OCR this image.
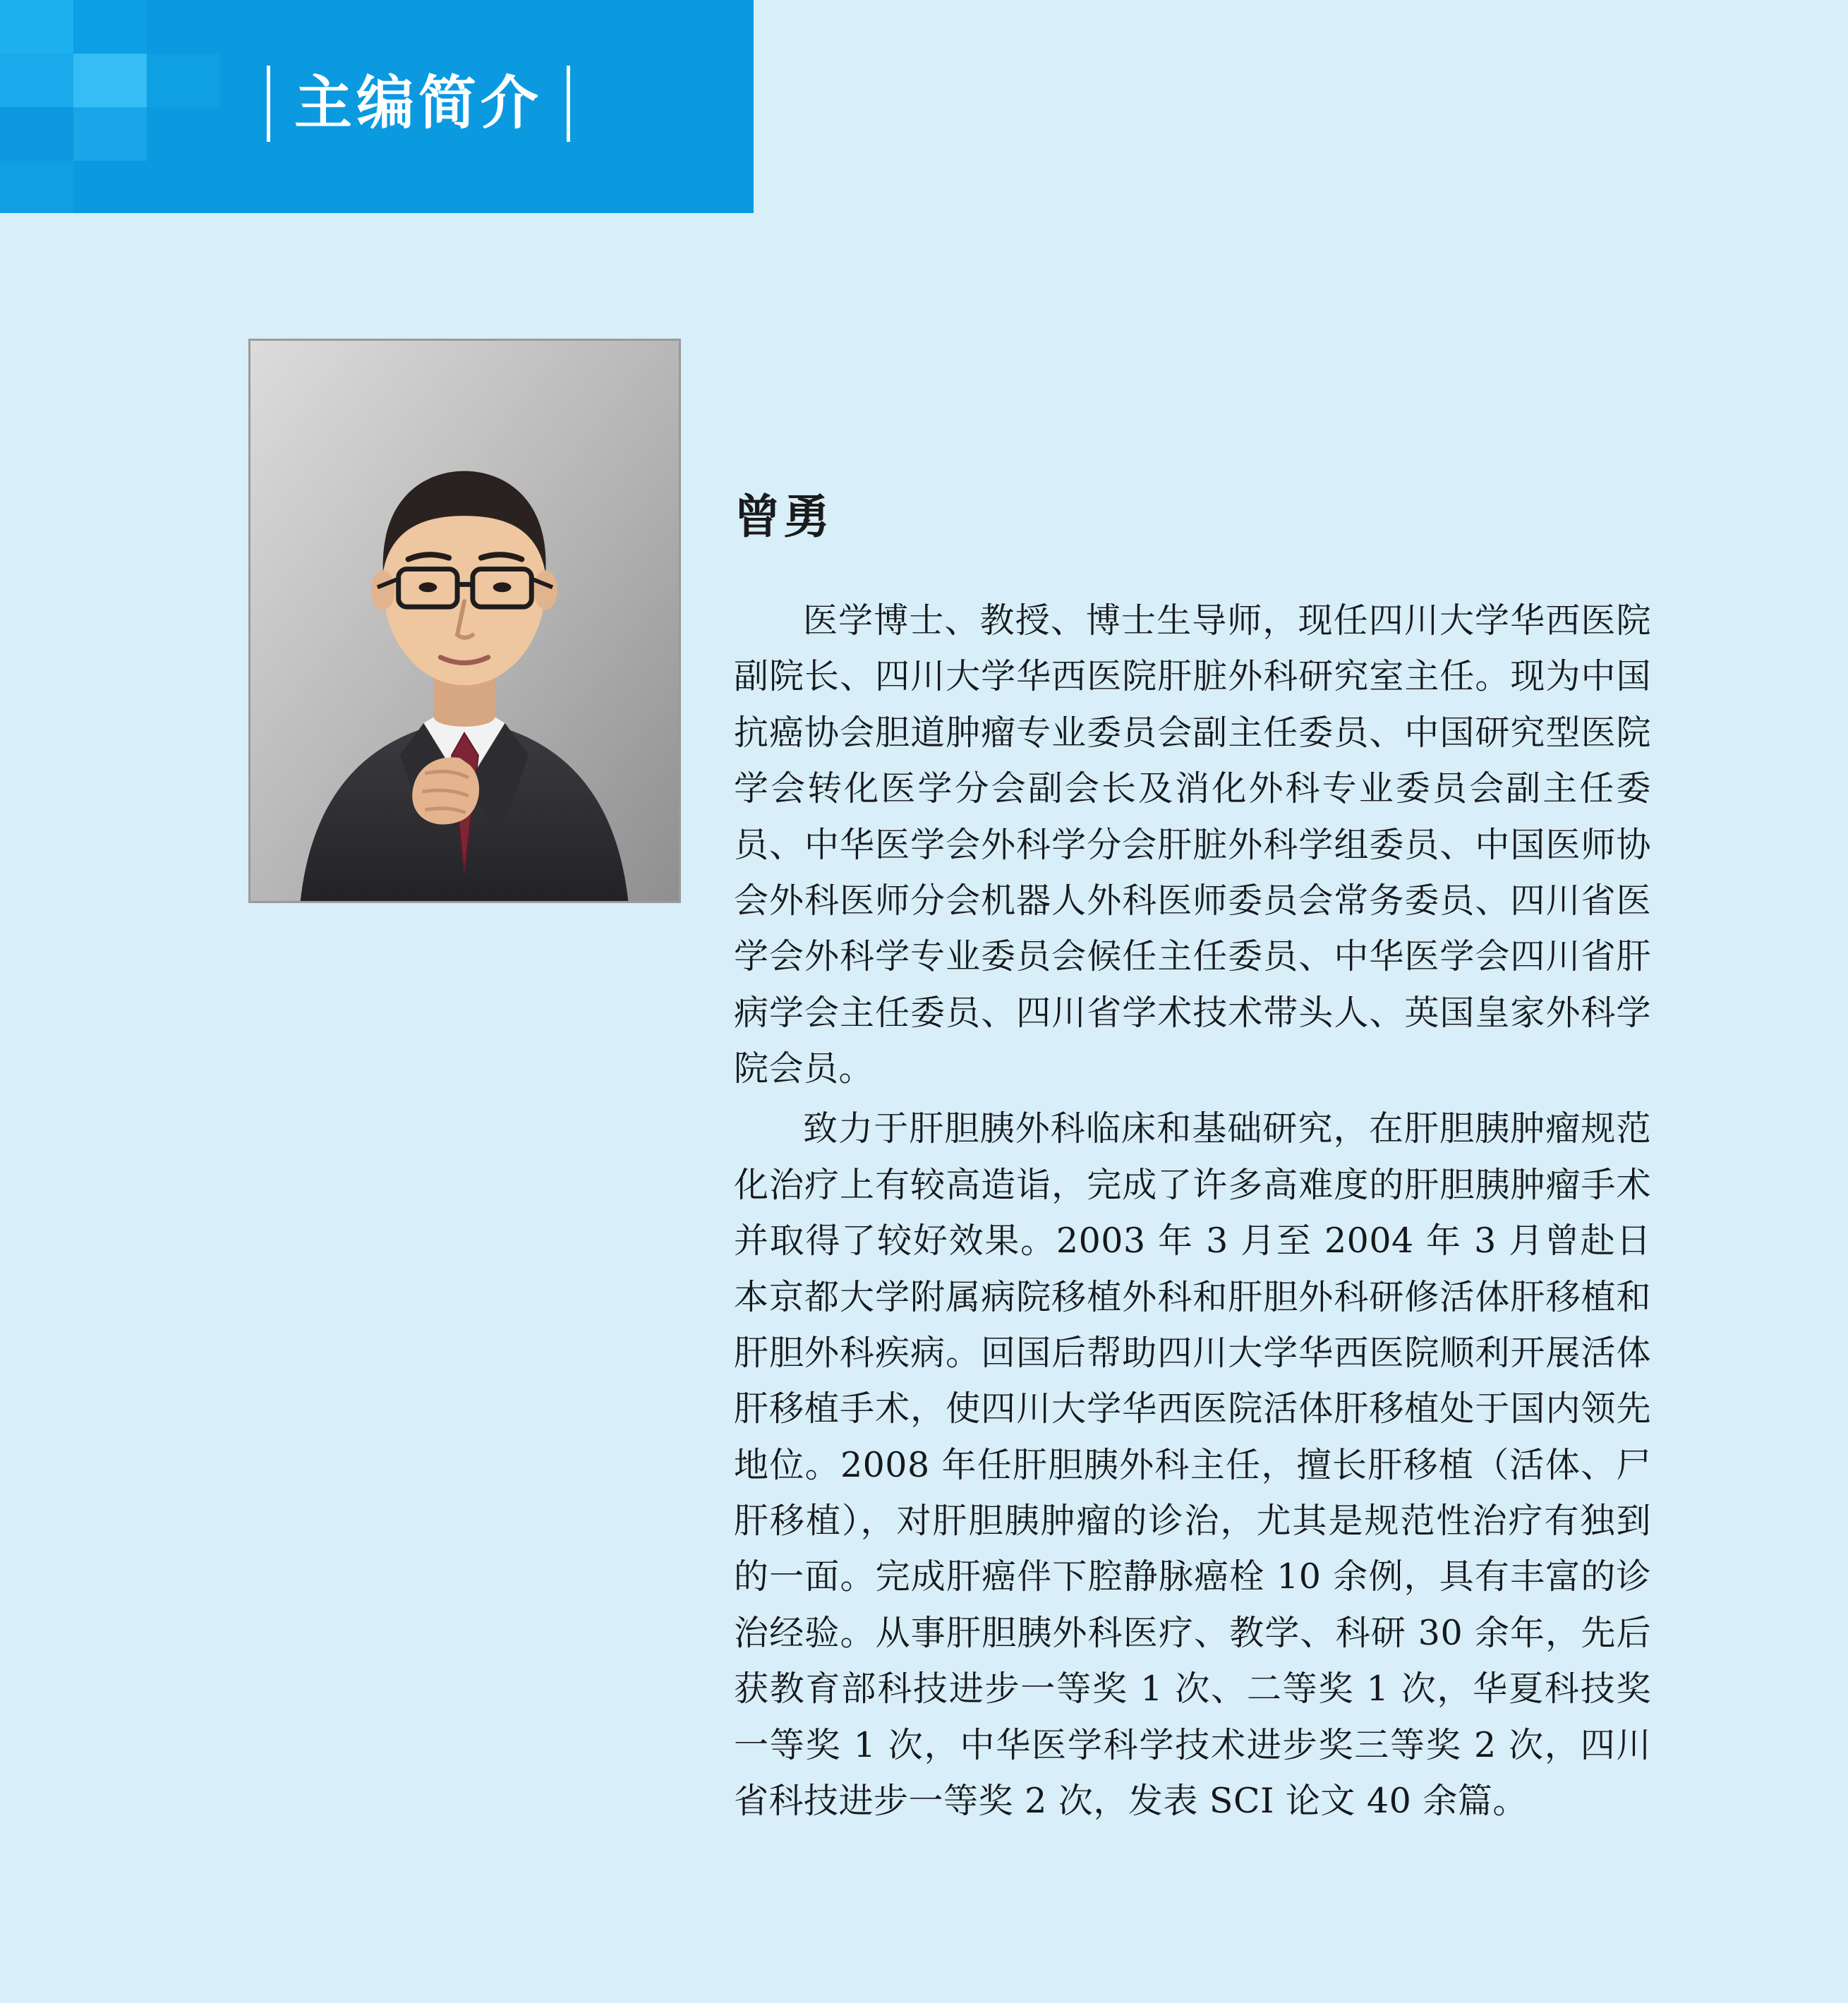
主编简介
曾勇

医学博士、教授、博士生导师，现任四川大学华西医院副院长、四川大学华西医院肝脏外科研究室主任。现为中国抗癌协会胆道肿瘤专业委员会副主任委员、中国研究型医院学会转化医学分会副会长及消化外科专业委员会副主任委员、中华医学会外科学分会肝脏外科学组委员、中国医师协会外科医师分会机器人外科医师委员会常务委员、四川省医学会外科学专业委员会候任主任委员、中华医学会四川省肝病学会主任委员、四川省学术技术带头人、英国皇家外科学院会员。

致力于肝胆胰外科临床和基础研究，在肝胆胰肿瘤规范化治疗上有较高造诣，完成了许多高难度的肝胆胰肿瘤手术并取得了较好效果。2003 年 3 月至 2004 年 3 月曾赴日本京都大学附属病院移植外科和肝胆外科研修活体肝移植和肝胆外科疾病。回国后帮助四川大学华西医院顺利开展活体肝移植手术，使四川大学华西医院活体肝移植处于国内领先地位。2008 年任肝胆胰外科主任，擅长肝移植（活体、尸肝移植），对肝胆胰肿瘤的诊治，尤其是规范性治疗有独到的一面。完成肝癌伴下腔静脉癌栓 10 余例，具有丰富的诊治经验。从事肝胆胰外科医疗、教学、科研 30 余年，先后获教育部科技进步一等奖 1 次、二等奖 1 次，华夏科技奖一等奖 1 次，中华医学科学技术进步奖三等奖 2 次，四川省科技进步一等奖 2 次，发表 SCI 论文 40 余篇。
